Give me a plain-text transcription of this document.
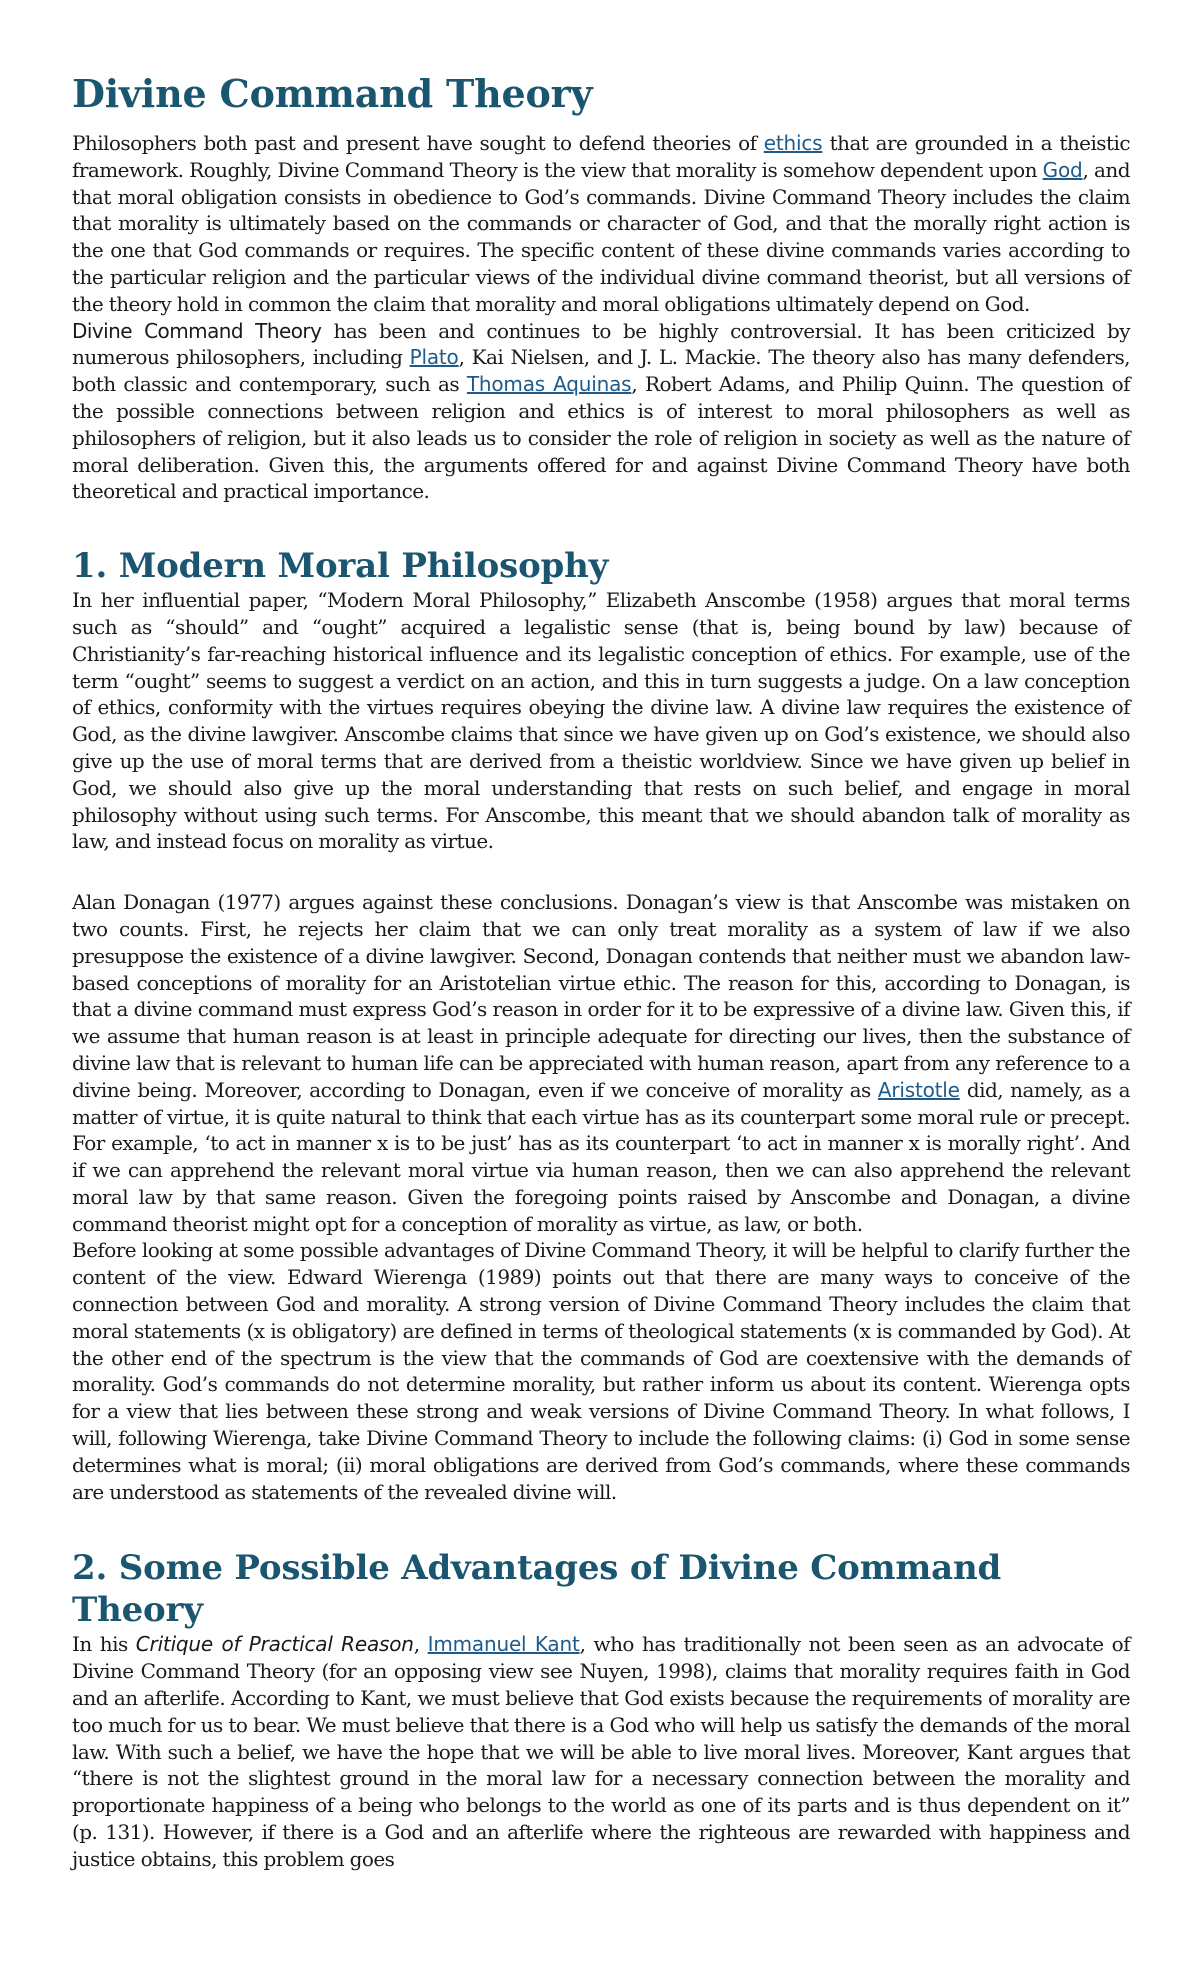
Divine Command Theory

Philosophers both past and present have sought to defend theories of ethics that are grounded in a theistic framework. Roughly, Divine Command Theory is the view that morality is somehow dependent upon God, and that moral obligation consists in obedience to God’s commands. Divine Command Theory includes the claim that morality is ultimately based on the commands or character of God, and that the morally right action is the one that God commands or requires. The specific content of these divine commands varies according to the particular religion and the particular views of the individual divine command theorist, but all versions of the theory hold in common the claim that morality and moral obligations ultimately depend on God.

Divine Command Theory has been and continues to be highly controversial. It has been criticized by numerous philosophers, including Plato, Kai Nielsen, and J. L. Mackie. The theory also has many defenders, both classic and contemporary, such as Thomas Aquinas, Robert Adams, and Philip Quinn. The question of the possible connections between religion and ethics is of interest to moral philosophers as well as philosophers of religion, but it also leads us to consider the role of religion in society as well as the nature of moral deliberation. Given this, the arguments offered for and against Divine Command Theory have both theoretical and practical importance.

1. Modern Moral Philosophy

In her influential paper, “Modern Moral Philosophy,” Elizabeth Anscombe (1958) argues that moral terms such as “should” and “ought” acquired a legalistic sense (that is, being bound by law) because of Christianity’s far-reaching historical influence and its legalistic conception of ethics. For example, use of the term “ought” seems to suggest a verdict on an action, and this in turn suggests a judge. On a law conception of ethics, conformity with the virtues requires obeying the divine law. A divine law requires the existence of God, as the divine lawgiver. Anscombe claims that since we have given up on God’s existence, we should also give up the use of moral terms that are derived from a theistic worldview. Since we have given up belief in God, we should also give up the moral understanding that rests on such belief, and engage in moral philosophy without using such terms. For Anscombe, this meant that we should abandon talk of morality as law, and instead focus on morality as virtue.

Alan Donagan (1977) argues against these conclusions. Donagan’s view is that Anscombe was mistaken on two counts. First, he rejects her claim that we can only treat morality as a system of law if we also presuppose the existence of a divine lawgiver. Second, Donagan contends that neither must we abandon law-based conceptions of morality for an Aristotelian virtue ethic. The reason for this, according to Donagan, is that a divine command must express God’s reason in order for it to be expressive of a divine law. Given this, if we assume that human reason is at least in principle adequate for directing our lives, then the substance of divine law that is relevant to human life can be appreciated with human reason, apart from any reference to a divine being. Moreover, according to Donagan, even if we conceive of morality as Aristotle did, namely, as a matter of virtue, it is quite natural to think that each virtue has as its counterpart some moral rule or precept. For example, ‘to act in manner x is to be just’ has as its counterpart ‘to act in manner x is morally right’. And if we can apprehend the relevant moral virtue via human reason, then we can also apprehend the relevant moral law by that same reason. Given the foregoing points raised by Anscombe and Donagan, a divine command theorist might opt for a conception of morality as virtue, as law, or both.

Before looking at some possible advantages of Divine Command Theory, it will be helpful to clarify further the content of the view. Edward Wierenga (1989) points out that there are many ways to conceive of the connection between God and morality. A strong version of Divine Command Theory includes the claim that moral statements (x is obligatory) are defined in terms of theological statements (x is commanded by God). At the other end of the spectrum is the view that the commands of God are coextensive with the demands of morality. God’s commands do not determine morality, but rather inform us about its content. Wierenga opts for a view that lies between these strong and weak versions of Divine Command Theory. In what follows, I will, following Wierenga, take Divine Command Theory to include the following claims: (i) God in some sense determines what is moral; (ii) moral obligations are derived from God’s commands, where these commands are understood as statements of the revealed divine will.

2. Some Possible Advantages of Divine Command Theory

In his Critique of Practical Reason, Immanuel Kant, who has traditionally not been seen as an advocate of Divine Command Theory (for an opposing view see Nuyen, 1998), claims that morality requires faith in God and an afterlife. According to Kant, we must believe that God exists because the requirements of morality are too much for us to bear. We must believe that there is a God who will help us satisfy the demands of the moral law. With such a belief, we have the hope that we will be able to live moral lives. Moreover, Kant argues that “there is not the slightest ground in the moral law for a necessary connection between the morality and proportionate happiness of a being who belongs to the world as one of its parts and is thus dependent on it” (p. 131). However, if there is a God and an afterlife where the righteous are rewarded with happiness and justice obtains, this problem goes
